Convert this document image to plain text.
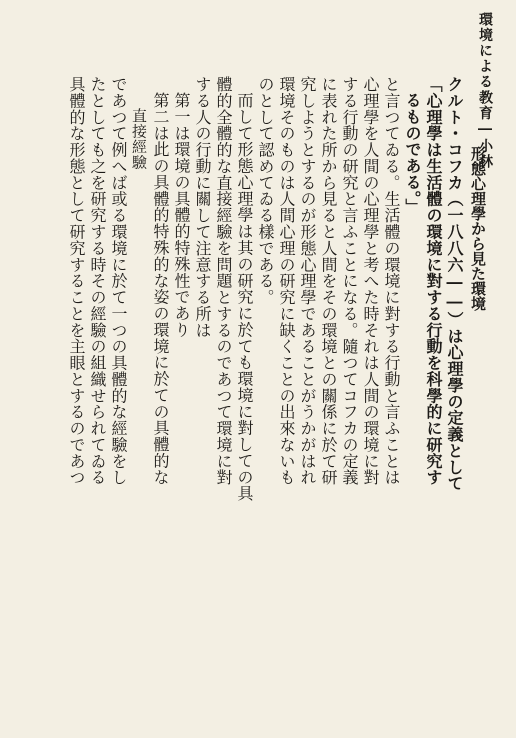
環境による教育―小林
形態心理學から見た環境
クルト・コフカ（一八八六――）は心理學の定義として
「心理學は生活體の環境に對する行動を科學的に研究す
るものである。」
と言つてゐる。生活體の環境に對する行動と言ふことは
心理學を人間の心理學と考へた時それは人間の環境に對
する行動の研究と言ふことになる。隨つてコフカの定義
に表れた所から見ると人間をその環境との關係に於て研
究しようとするのが形態心理學であることがうかがはれ
環境そのものは人間心理の研究に缺くことの出來ないも
のとして認めてゐる樣である。
而して形態心理學は其の研究に於ても環境に對しての具
體的全體的な直接經驗を問題とするのであつて環境に對
する人の行動に關して注意する所は
第一は環境の具體的特殊性であり
第二は此の具體的特殊的な姿の環境に於ての具體的な
直接經驗
であつて例へば或る環境に於て一つの具體的な經驗をし
たとしても之を研究する時その經驗の組織せられてゐる
具體的な形態として研究することを主眼とするのであつ
